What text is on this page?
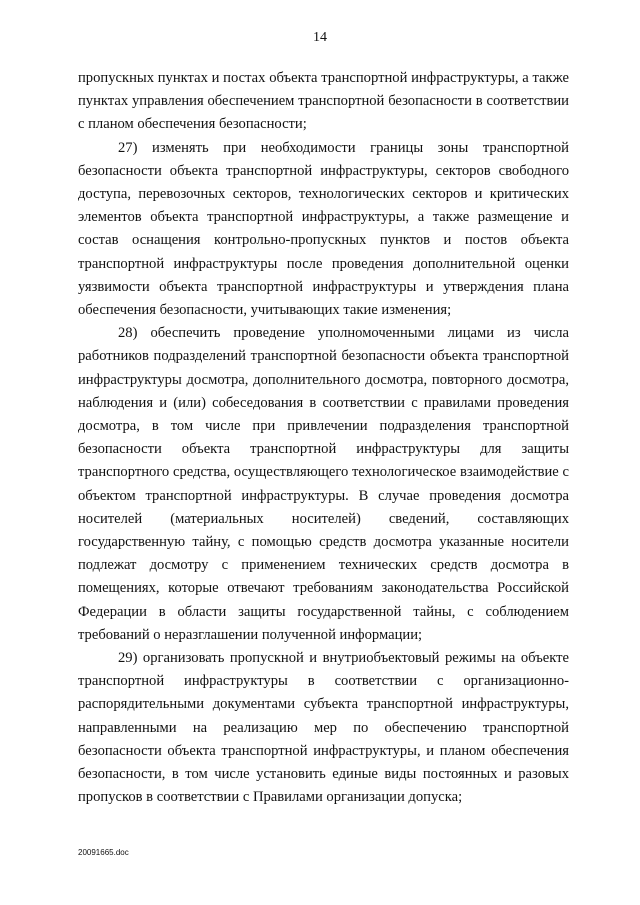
14

пропускных пунктах и постах объекта транспортной инфраструктуры, а также пунктах управления обеспечением транспортной безопасности в соответствии с планом обеспечения безопасности;

27) изменять при необходимости границы зоны транспортной безопасности объекта транспортной инфраструктуры, секторов свободного доступа, перевозочных секторов, технологических секторов и критических элементов объекта транспортной инфраструктуры, а также размещение и состав оснащения контрольно-пропускных пунктов и постов объекта транспортной инфраструктуры после проведения дополнительной оценки уязвимости объекта транспортной инфраструктуры и утверждения плана обеспечения безопасности, учитывающих такие изменения;

28) обеспечить проведение уполномоченными лицами из числа работников подразделений транспортной безопасности объекта транспортной инфраструктуры досмотра, дополнительного досмотра, повторного досмотра, наблюдения и (или) собеседования в соответствии с правилами проведения досмотра, в том числе при привлечении подразделения транспортной безопасности объекта транспортной инфраструктуры для защиты транспортного средства, осуществляющего технологическое взаимодействие с объектом транспортной инфраструктуры. В случае проведения досмотра носителей (материальных носителей) сведений, составляющих государственную тайну, с помощью средств досмотра указанные носители подлежат досмотру с применением технических средств досмотра в помещениях, которые отвечают требованиям законодательства Российской Федерации в области защиты государственной тайны, с соблюдением требований о неразглашении полученной информации;

29) организовать пропускной и внутриобъектовый режимы на объекте транспортной инфраструктуры в соответствии с организационно-распорядительными документами субъекта транспортной инфраструктуры, направленными на реализацию мер по обеспечению транспортной безопасности объекта транспортной инфраструктуры, и планом обеспечения безопасности, в том числе установить единые виды постоянных и разовых пропусков в соответствии с Правилами организации допуска;

20091665.doc
